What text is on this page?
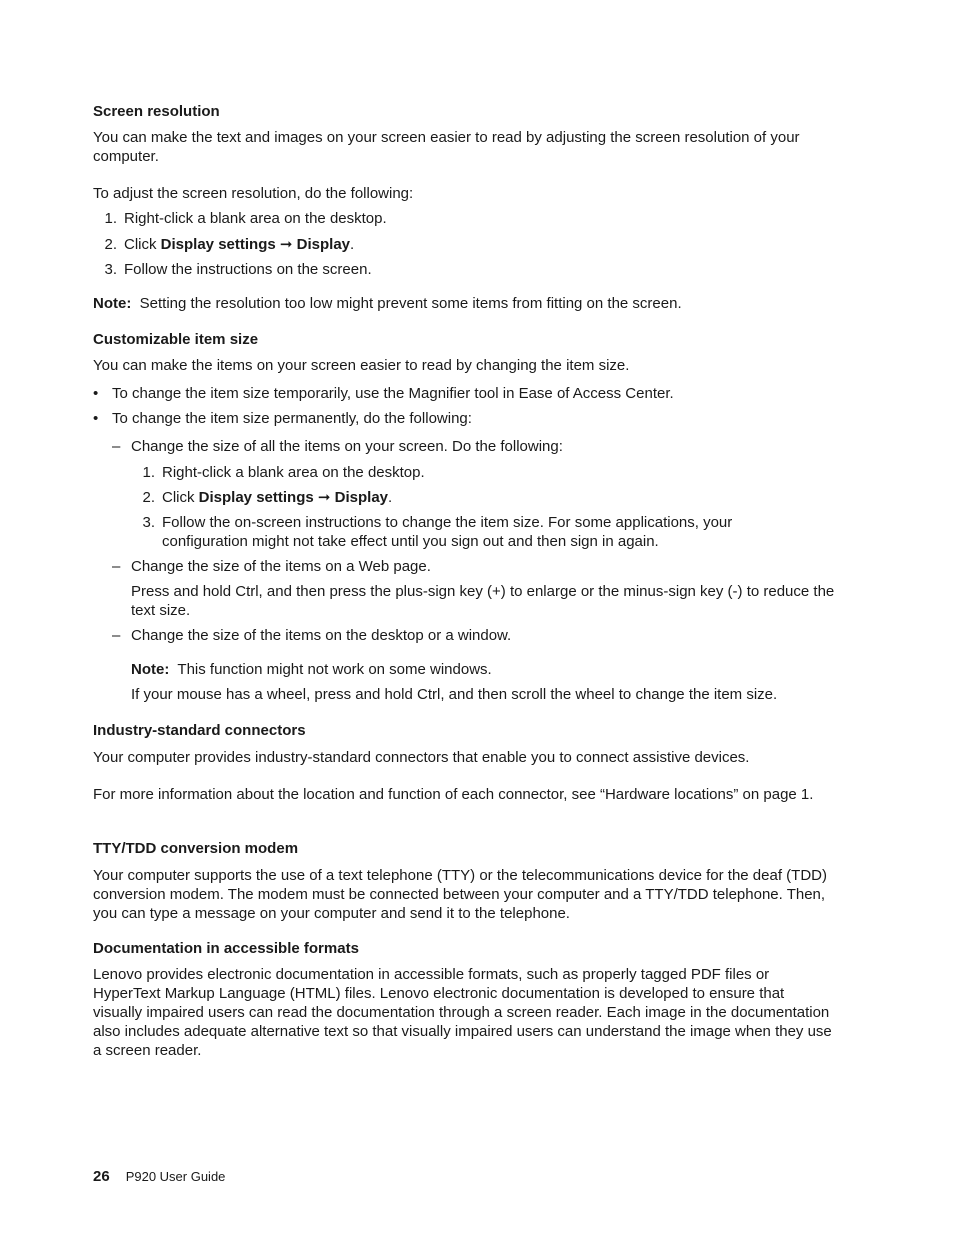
Screen resolution
You can make the text and images on your screen easier to read by adjusting the screen resolution of your computer.
To adjust the screen resolution, do the following:
1. Right-click a blank area on the desktop.
2. Click Display settings ➞ Display.
3. Follow the instructions on the screen.
Note: Setting the resolution too low might prevent some items from fitting on the screen.
Customizable item size
You can make the items on your screen easier to read by changing the item size.
• To change the item size temporarily, use the Magnifier tool in Ease of Access Center.
• To change the item size permanently, do the following:
– Change the size of all the items on your screen. Do the following:
1. Right-click a blank area on the desktop.
2. Click Display settings ➞ Display.
3. Follow the on-screen instructions to change the item size. For some applications, your configuration might not take effect until you sign out and then sign in again.
– Change the size of the items on a Web page.
Press and hold Ctrl, and then press the plus-sign key (+) to enlarge or the minus-sign key (-) to reduce the text size.
– Change the size of the items on the desktop or a window.
Note: This function might not work on some windows.
If your mouse has a wheel, press and hold Ctrl, and then scroll the wheel to change the item size.
Industry-standard connectors
Your computer provides industry-standard connectors that enable you to connect assistive devices.
For more information about the location and function of each connector, see “Hardware locations” on page 1.
TTY/TDD conversion modem
Your computer supports the use of a text telephone (TTY) or the telecommunications device for the deaf (TDD) conversion modem. The modem must be connected between your computer and a TTY/TDD telephone. Then, you can type a message on your computer and send it to the telephone.
Documentation in accessible formats
Lenovo provides electronic documentation in accessible formats, such as properly tagged PDF files or HyperText Markup Language (HTML) files. Lenovo electronic documentation is developed to ensure that visually impaired users can read the documentation through a screen reader. Each image in the documentation also includes adequate alternative text so that visually impaired users can understand the image when they use a screen reader.
26 P920 User Guide
